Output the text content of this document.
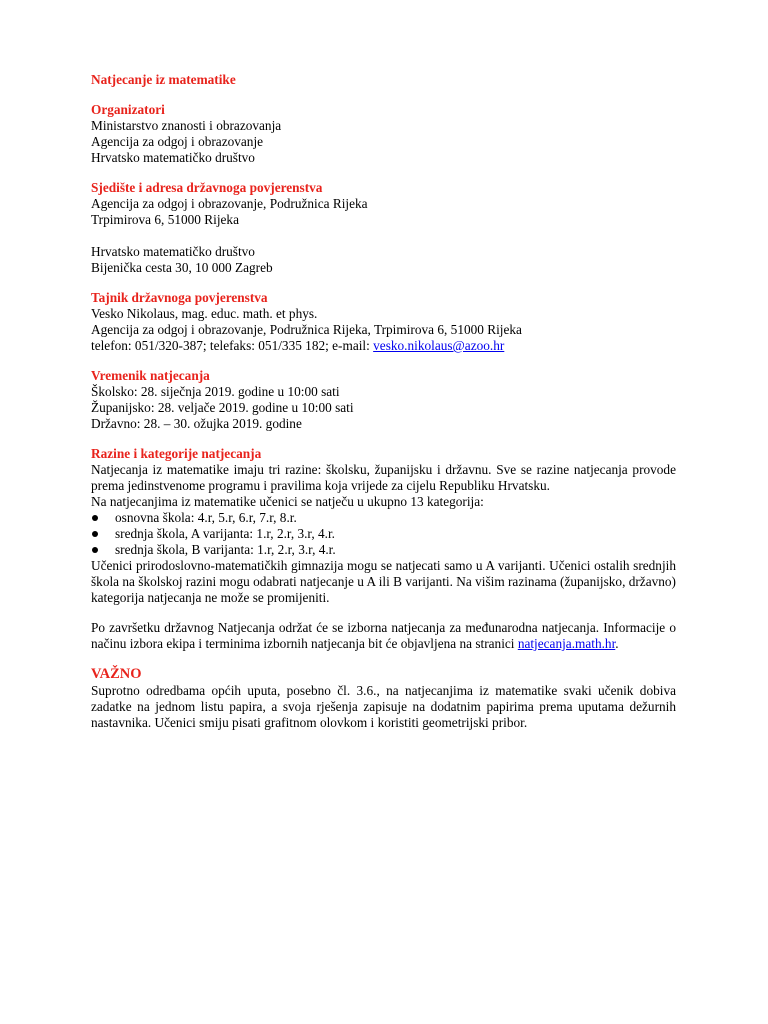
Natjecanje iz matematike

Organizatori

Ministarstvo znanosti i obrazovanja

Agencija za odgoj i obrazovanje

Hrvatsko matematičko društvo

Sjedište i adresa državnoga povjerenstva

Agencija za odgoj i obrazovanje, Podružnica Rijeka

Trpimirova 6, 51000 Rijeka

Hrvatsko matematičko društvo

Bijenička cesta 30, 10 000 Zagreb

Tajnik državnoga povjerenstva

Vesko Nikolaus, mag. educ. math. et phys.

Agencija za odgoj i obrazovanje, Podružnica Rijeka, Trpimirova 6, 51000 Rijeka

telefon: 051/320-387; telefaks: 051/335 182; e-mail: vesko.nikolaus@azoo.hr

Vremenik natjecanja

Školsko: 28. siječnja 2019. godine u 10:00 sati

Županijsko: 28. veljače 2019. godine u 10:00 sati

Državno: 28. – 30. ožujka 2019. godine

Razine i kategorije natjecanja

Natjecanja iz matematike imaju tri razine: školsku, županijsku i državnu. Sve se razine natjecanja provode prema jedinstvenome programu i pravilima koja vrijede za cijelu Republiku Hrvatsku.

Na natjecanjima iz matematike učenici se natječu u ukupno 13 kategorija:

osnovna škola: 4.r, 5.r, 6.r, 7.r, 8.r.
srednja škola, A varijanta: 1.r, 2.r, 3.r, 4.r.
srednja škola, B varijanta: 1.r, 2.r, 3.r, 4.r.

Učenici prirodoslovno-matematičkih gimnazija mogu se natjecati samo u A varijanti. Učenici ostalih srednjih škola na školskoj razini mogu odabrati natjecanje u A ili B varijanti. Na višim razinama (županijsko, državno) kategorija natjecanja ne može se promijeniti.

Po završetku državnog Natjecanja održat će se izborna natjecanja za međunarodna natjecanja. Informacije o načinu izbora ekipa i terminima izbornih natjecanja bit će objavljena na stranici natjecanja.math.hr.

VAŽNO

Suprotno odredbama općih uputa, posebno čl. 3.6., na natjecanjima iz matematike svaki učenik dobiva zadatke na jednom listu papira, a svoja rješenja zapisuje na dodatnim papirima prema uputama dežurnih nastavnika. Učenici smiju pisati grafitnom olovkom i koristiti geometrijski pribor.
